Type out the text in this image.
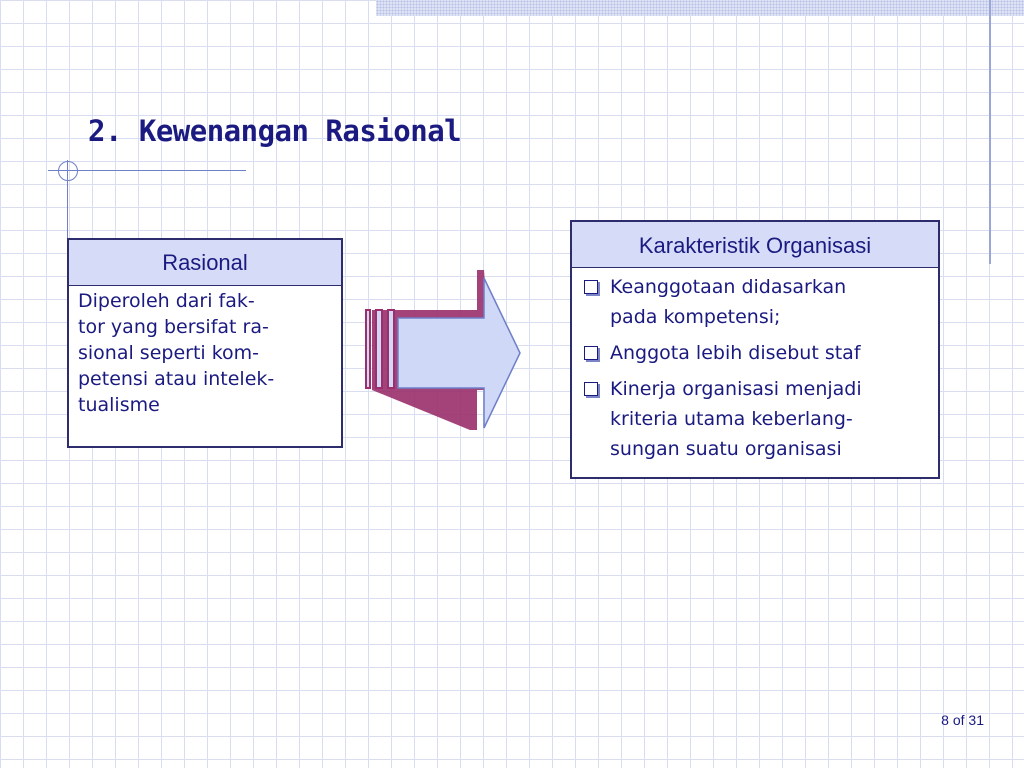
2. Kewenangan Rasional
Rasional

Diperoleh dari fak-
tor yang bersifat ra-
sional seperti kom-
petensi atau intelek-
tualisme

Karakteristik Organisasi
Keanggotaan didasarkan
pada kompetensi;
Anggota lebih disebut staf
Kinerja organisasi menjadi
kriteria utama keberlang-
sungan suatu organisasi
8 of 31
